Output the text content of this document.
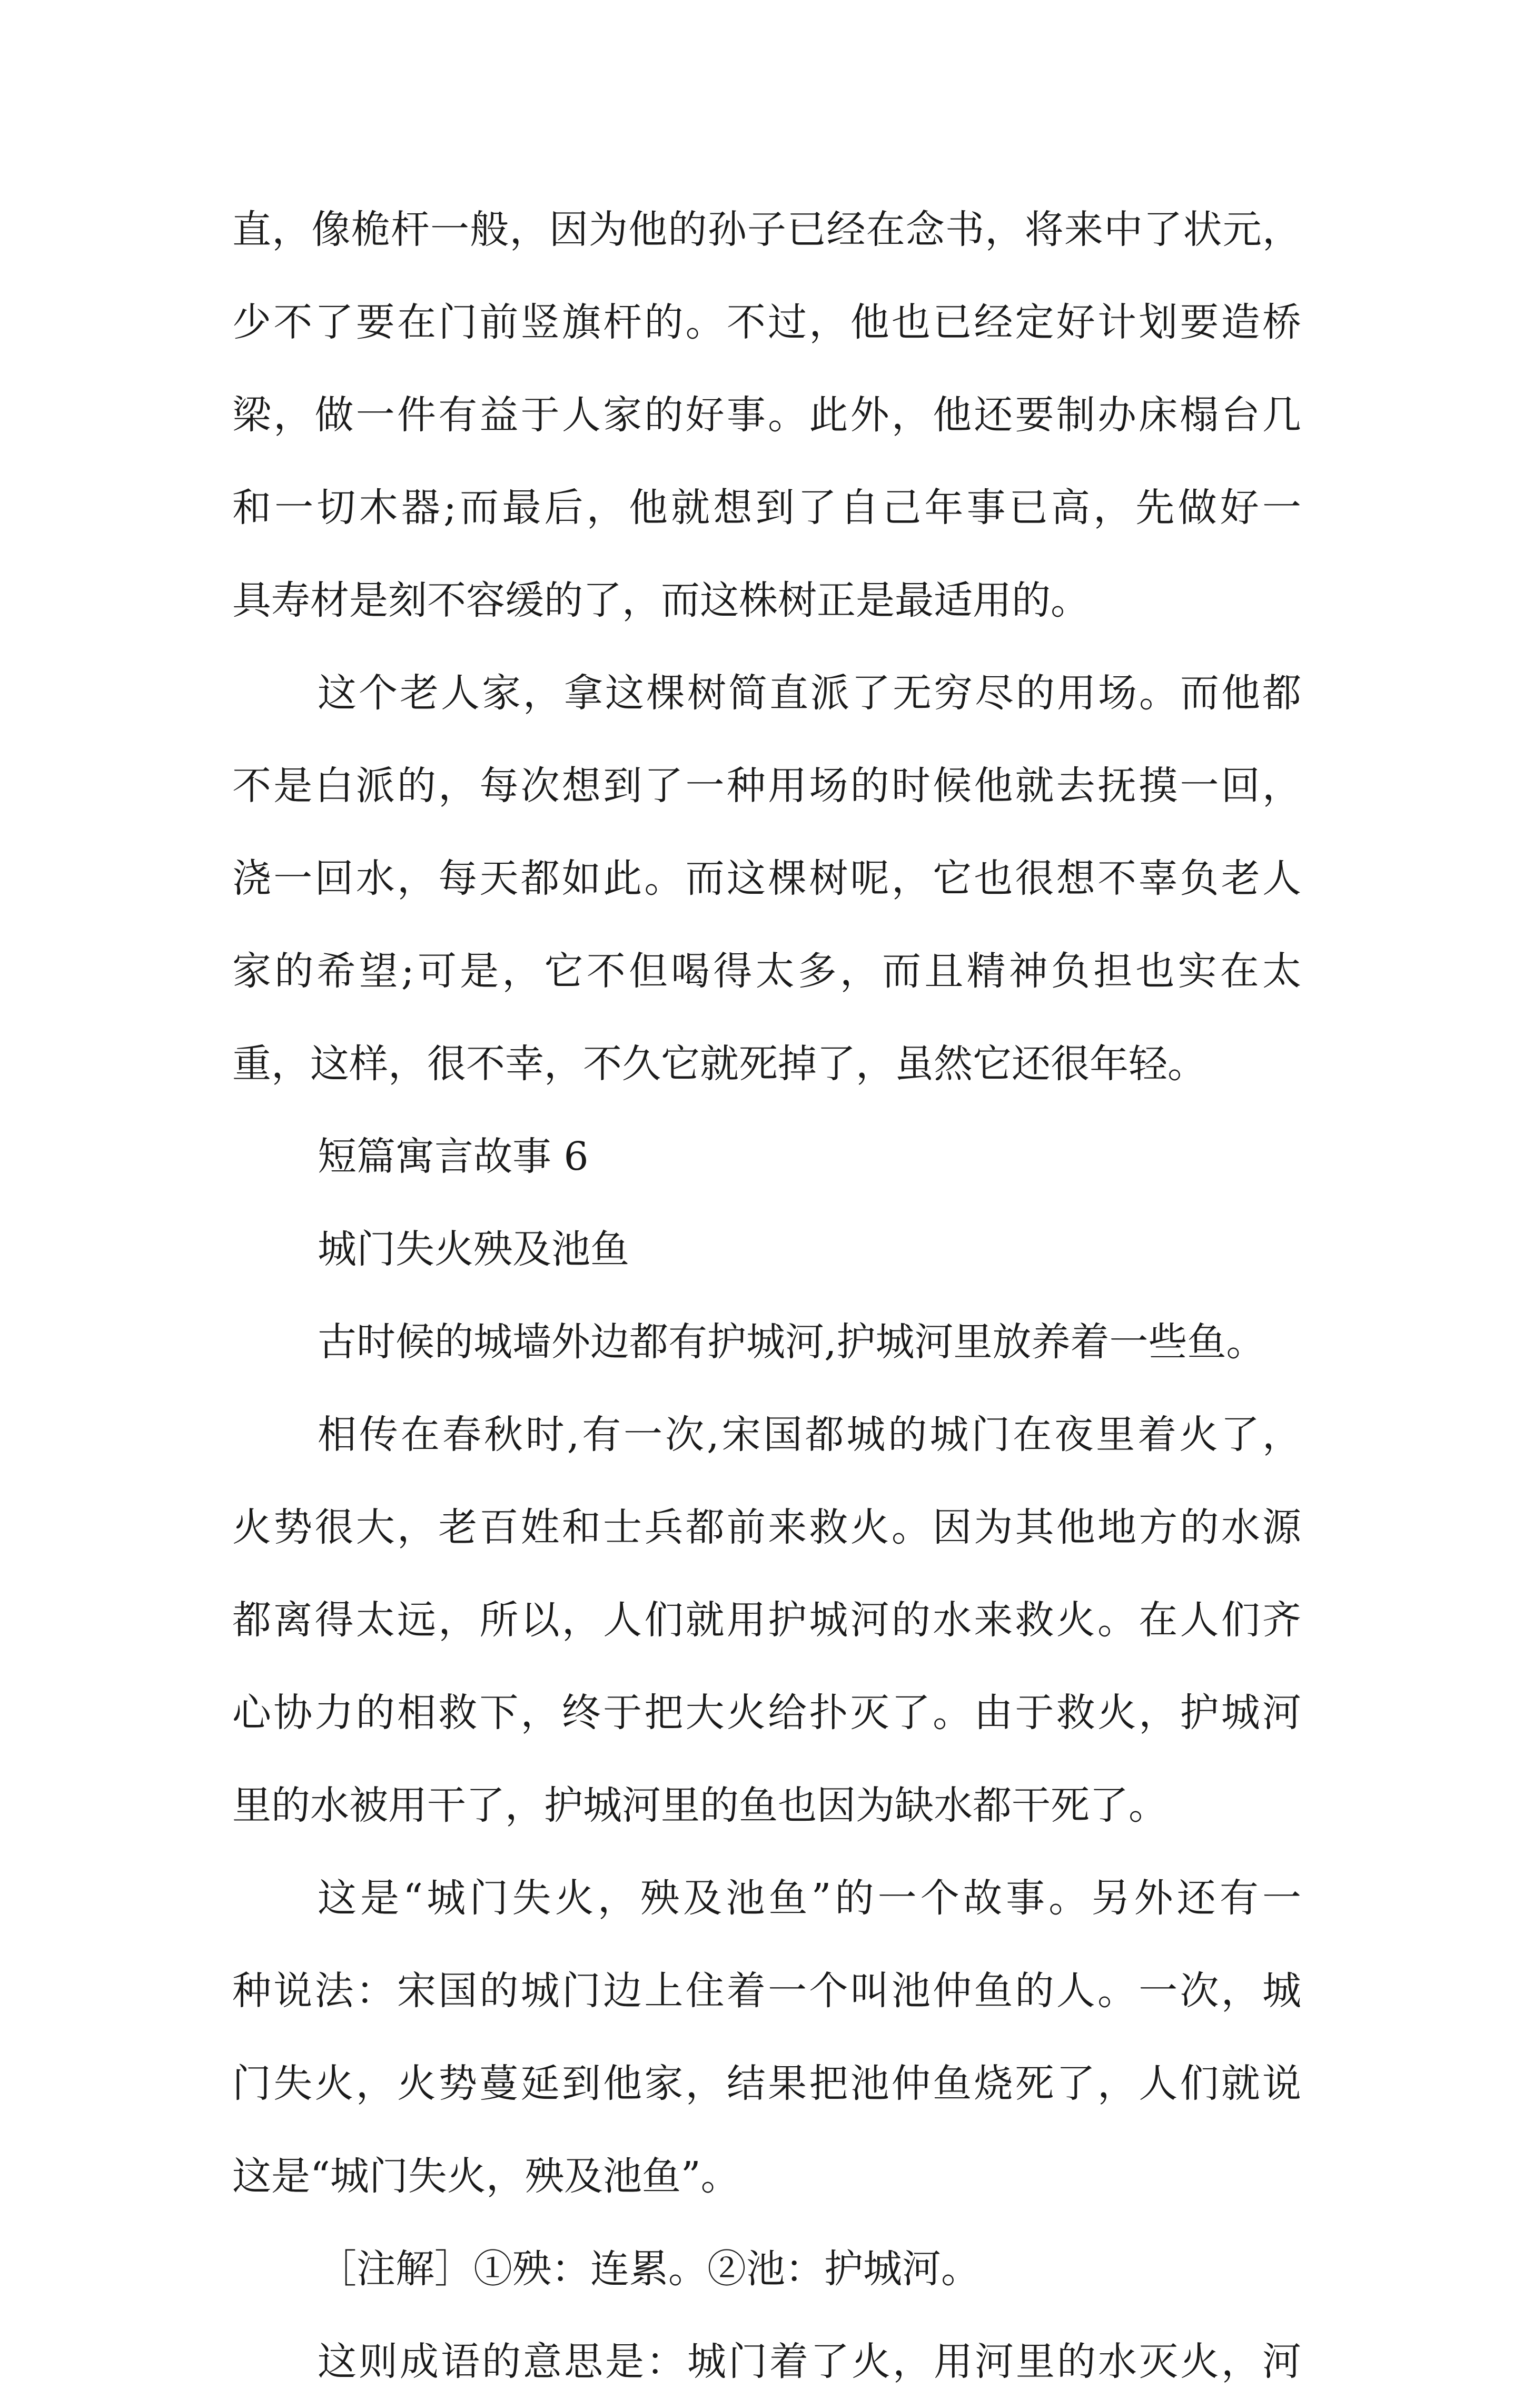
直，像桅杆一般，因为他的孙子已经在念书，将来中了状元，
少不了要在门前竖旗杆的。不过，他也已经定好计划要造桥
梁，做一件有益于人家的好事。此外，他还要制办床榻台几
和一切木器;而最后，他就想到了自己年事已高，先做好一
具寿材是刻不容缓的了，而这株树正是最适用的。
这个老人家，拿这棵树简直派了无穷尽的用场。而他都
不是白派的，每次想到了一种用场的时候他就去抚摸一回，
浇一回水，每天都如此。而这棵树呢，它也很想不辜负老人
家的希望;可是，它不但喝得太多，而且精神负担也实在太
重，这样，很不幸，不久它就死掉了，虽然它还很年轻。
短篇寓言故事 6
城门失火殃及池鱼
古时候的城墙外边都有护城河,护城河里放养着一些鱼。
相传在春秋时,有一次,宋国都城的城门在夜里着火了，
火势很大，老百姓和士兵都前来救火。因为其他地方的水源
都离得太远，所以，人们就用护城河的水来救火。在人们齐
心协力的相救下，终于把大火给扑灭了。由于救火，护城河
里的水被用干了，护城河里的鱼也因为缺水都干死了。
这是“城门失火，殃及池鱼”的一个故事。另外还有一
种说法：宋国的城门边上住着一个叫池仲鱼的人。一次，城
门失火，火势蔓延到他家，结果把池仲鱼烧死了，人们就说
这是“城门失火，殃及池鱼”。
［注解］①殃：连累。②池：护城河。
这则成语的意思是：城门着了火，用河里的水灭火，河
